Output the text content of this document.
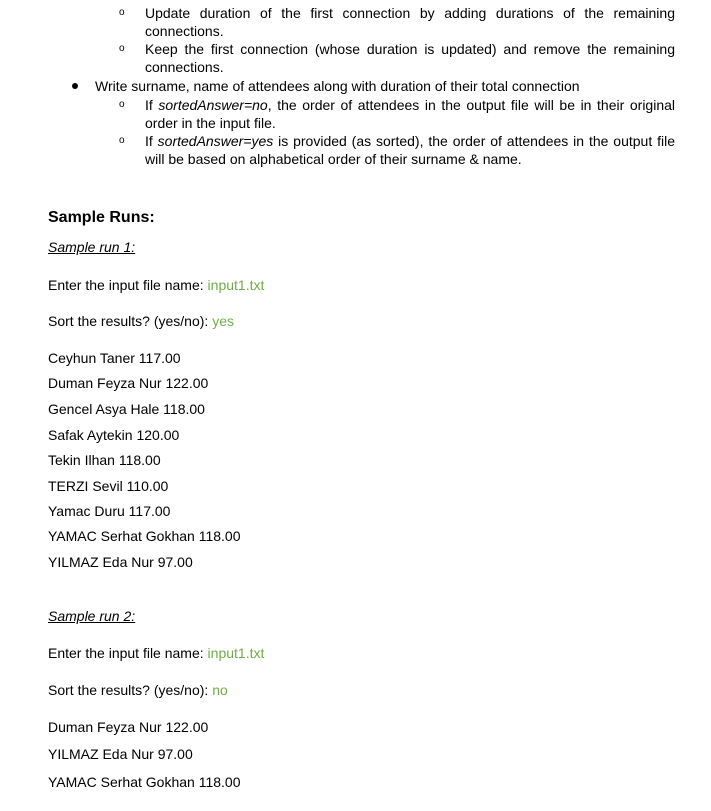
o	Update duration of the first connection by adding durations of the remaining connections.
o	Keep the first connection (whose duration is updated) and remove the remaining connections.
Write surname, name of attendees along with duration of their total connection
o	If sortedAnswer=no, the order of attendees in the output file will be in their original order in the input file.
o	If sortedAnswer=yes is provided (as sorted), the order of attendees in the output file will be based on alphabetical order of their surname & name.
Sample Runs:
Sample run 1:
Enter the input file name: input1.txt
Sort the results? (yes/no): yes
Ceyhun Taner 117.00
Duman Feyza Nur 122.00
Gencel Asya Hale 118.00
Safak Aytekin 120.00
Tekin Ilhan 118.00
TERZI Sevil 110.00
Yamac Duru 117.00
YAMAC Serhat Gokhan 118.00
YILMAZ Eda Nur 97.00
Sample run 2:
Enter the input file name: input1.txt
Sort the results? (yes/no): no
Duman Feyza Nur 122.00
YILMAZ Eda Nur 97.00
YAMAC Serhat Gokhan 118.00
